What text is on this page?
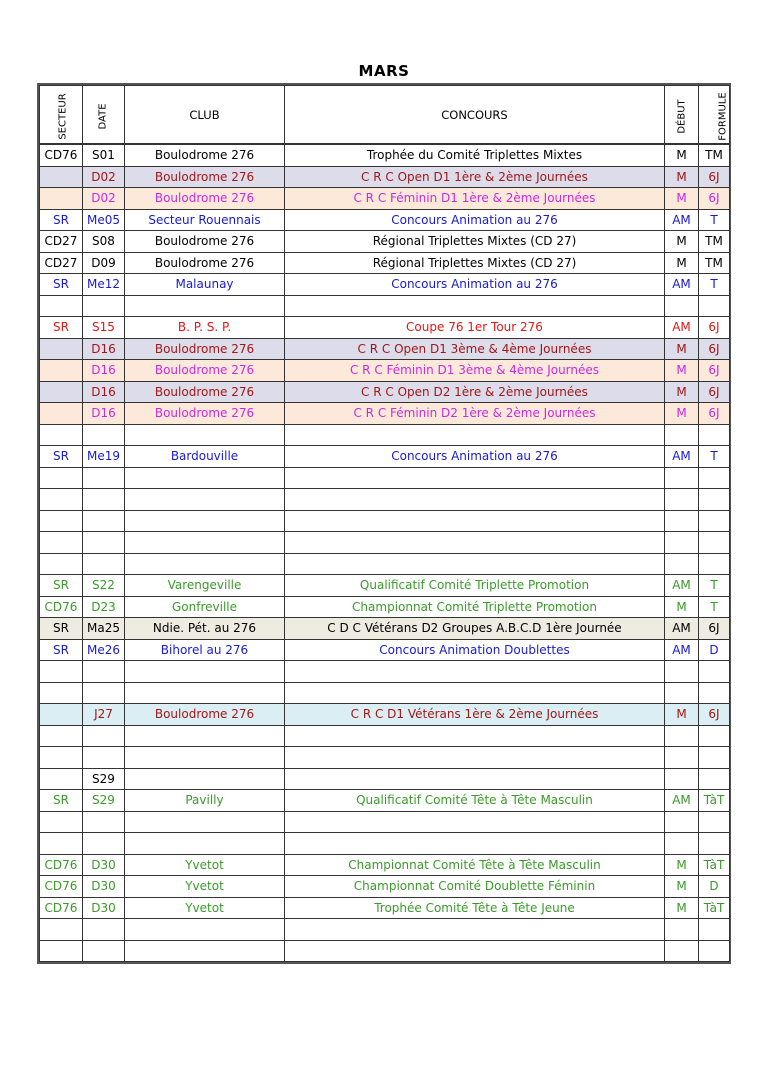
MARS
SECTEUR	DATE	CLUB	CONCOURS	DÉBUT	FORMULE
CD76	S01	Boulodrome 276	Trophée du Comité Triplettes Mixtes	M	TM
	D02	Boulodrome 276	C R C Open D1 1ère & 2ème Journées	M	6J
	D02	Boulodrome 276	C R C Féminin D1 1ère & 2ème Journées	M	6J
SR	Me05	Secteur Rouennais	Concours Animation au 276	AM	T
CD27	S08	Boulodrome 276	Régional Triplettes Mixtes (CD 27)	M	TM
CD27	D09	Boulodrome 276	Régional Triplettes Mixtes (CD 27)	M	TM
SR	Me12	Malaunay	Concours Animation au 276	AM	T

SR	S15	B. P. S. P.	Coupe 76 1er Tour 276	AM	6J
	D16	Boulodrome 276	C R C Open D1 3ème & 4ème Journées	M	6J
	D16	Boulodrome 276	C R C Féminin D1 3ème & 4ème Journées	M	6J
	D16	Boulodrome 276	C R C Open D2 1ère & 2ème Journées	M	6J
	D16	Boulodrome 276	C R C Féminin D2 1ère & 2ème Journées	M	6J

SR	Me19	Bardouville	Concours Animation au 276	AM	T

SR	S22	Varengeville	Qualificatif Comité Triplette Promotion	AM	T
CD76	D23	Gonfreville	Championnat Comité Triplette Promotion	M	T
SR	Ma25	Ndie. Pét. au 276	C D C Vétérans D2 Groupes A.B.C.D 1ère Journée	AM	6J
SR	Me26	Bihorel au 276	Concours Animation Doublettes	AM	D

	J27	Boulodrome 276	C R C D1 Vétérans 1ère & 2ème Journées	M	6J

	S29				
SR	S29	Pavilly	Qualificatif Comité Tête à Tête Masculin	AM	TàT

CD76	D30	Yvetot	Championnat Comité Tête à Tête Masculin	M	TàT
CD76	D30	Yvetot	Championnat Comité Doublette Féminin	M	D
CD76	D30	Yvetot	Trophée Comité Tête à Tête Jeune	M	TàT
